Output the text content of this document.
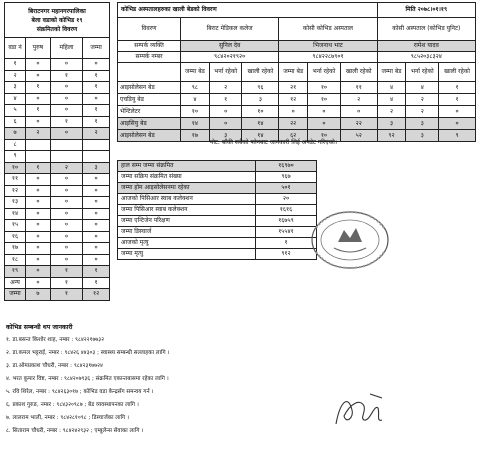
बिराटनगर महानगरपालिका
बेला वडाको कोभिड १९
संक्रमितको विवरण			

वडा नं	पुरुष	महिला	जम्मा
१	०	०	०
२	०	१	१
३	१	०	१
४	०	०	०
५	१	०	१
६	०	१	१
७	२	०	२
८			
९			
१०	१	२	३
११	०	०	०
१२	०	०	०
१३	०	०	०
१४	०	०	०
१५	०	०	०
१६	०	०	०
१७	०	०	०
१८	०	०	०
१९	०	१	१
अन्य	०	१	१
जम्मा	७	१	१२
कोभिड अस्पतालहरुका खाली बेडको विवरण							मिति २०७८।०१।१९		
विवरण	बिराट मेडिकल कलेज			कोसी कोभिड अस्पताल			कोसी अस्पताल (कोभिड युनिट)		
सम्पर्क व्यक्ति	सुनिल देव			भिजनाथ भाट			रामेश यादव		
सम्पर्क नम्बर	९८४२०२१९२०			९८४२२८७९०१			९८५२०३८३२४		
	जम्मा बेड	भर्ना रहेको	खाली रहेको	जम्मा बेड	भर्ना रहेको	खाली रहेको	जम्मा बेड	भर्ना रहेको	खाली रहेको
आइसोलेसन बेड	९८	२	९६	२१	१०	११	४	४	१
एचडियु बेड	४	१	३	१२	१०	२	४	२	१
भेन्टिलेटर	१०	०	१०	०	०	०	२	२	०
आइसियु बेड	१४	०	१४	२२	०	२२	३	३	०
आइसोलेसन बेड	१७	३	१४	६२	१०	५२	९२	३	९
नोट: बाँकी सबैको फोनबाट जानकारी लिई अपडेट गरिएको।
हाल सम्म जम्मा संक्रमित	१६९७०
जम्मा सक्रिय संक्रमित संख्या	९६७
जम्मा होम आइसोलेसनमा रहेका	५०१
आजको पिसिआर स्वाब कलेक्शन	२०
जम्मा पिसिआर स्वाब कलेक्शन	१६१६
जम्मा एन्टिजेन परिक्षण	१६७५९
जम्मा डिस्चार्ज	१५५४१
आजको मृत्यु	१
जम्मा मृत्यु	९१२
कोभिड सम्बन्धी थप जानकारी
१. डा.बसन्त किशोर शाह, नम्बर : ९८४२२१७७३२
२. डा.कमल भट्टराई, नम्बर : ९८४२६ ४४३०३ ; स्वास्थ्य सम्बन्धी सल्लाहका लागि ।
३. डा.ओमप्रकाश चौधरी, नम्बर : ९८४२३१७७२४
४. भरत कुमार विष्ट, नम्बर : ९८४२०७९३६ ; संक्रमित एकान्तबासमा रहेका लागि ।
५. रवि शिरेल, नम्बर : ९८४२६३०१७ ; कोभिड वडा केन्द्रसँग समन्वय गर्न ।
६. प्रकाश गुरुङ, नम्बर : ९८४३२०९८७ ; बेड व्यवस्थापनका लागि ।
७. लालराम भाली, नम्बर : ९८४२८१०९८ ; डिस्चार्जका लागि ।
८. सिताराम चौधरी, नम्बर : ९८४२४२९३२ ; एम्बुलेन्स सेवाका लागि ।
